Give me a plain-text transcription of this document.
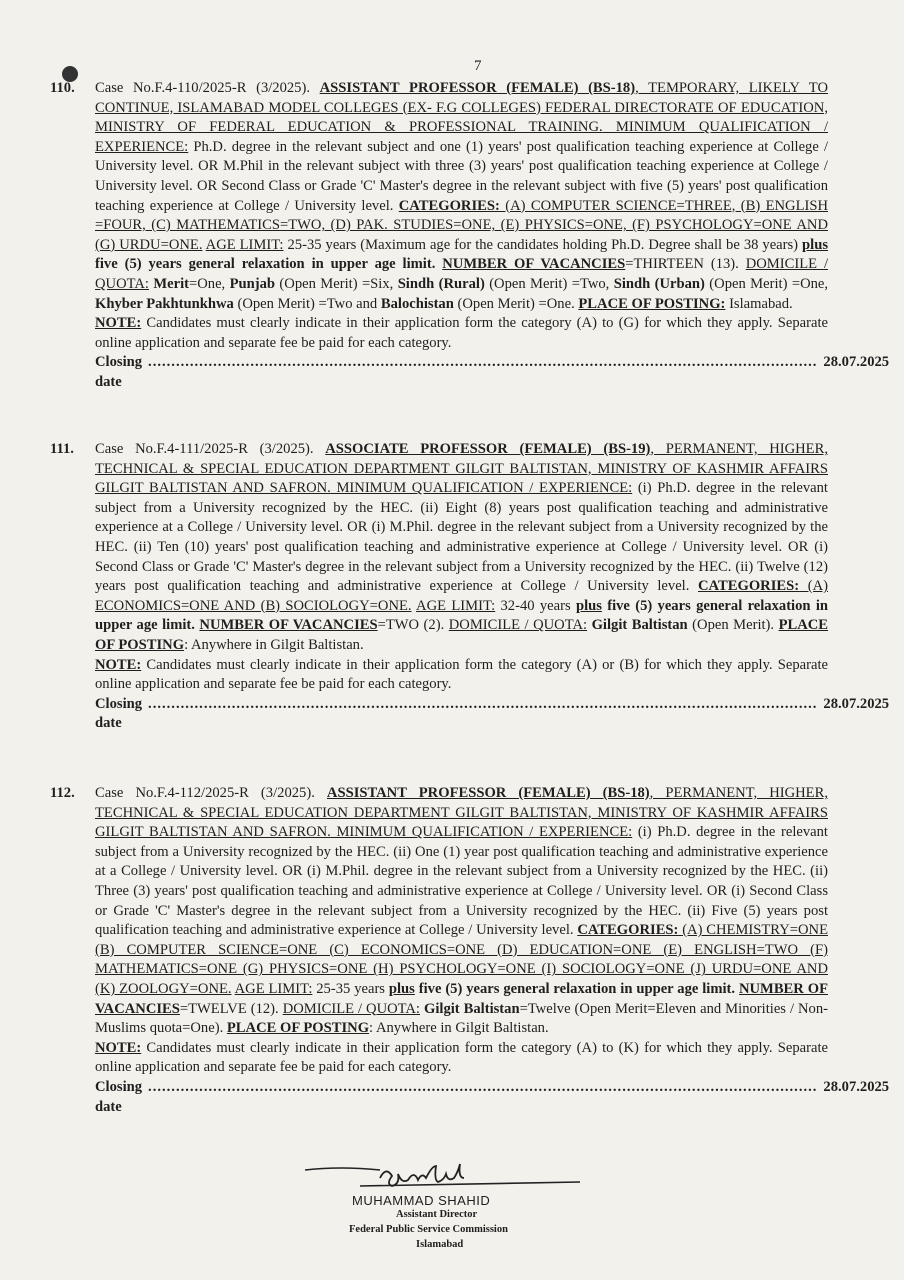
7
110. Case No.F.4-110/2025-R (3/2025). ASSISTANT PROFESSOR (FEMALE) (BS-18), TEMPORARY, LIKELY TO CONTINUE, ISLAMABAD MODEL COLLEGES (EX- F.G COLLEGES) FEDERAL DIRECTORATE OF EDUCATION, MINISTRY OF FEDERAL EDUCATION & PROFESSIONAL TRAINING. MINIMUM QUALIFICATION / EXPERIENCE: Ph.D. degree in the relevant subject and one (1) years' post qualification teaching experience at College / University level. OR M.Phil in the relevant subject with three (3) years' post qualification teaching experience at College / University level. OR Second Class or Grade 'C' Master's degree in the relevant subject with five (5) years' post qualification teaching experience at College / University level. CATEGORIES: (A) COMPUTER SCIENCE=THREE, (B) ENGLISH =FOUR, (C) MATHEMATICS=TWO, (D) PAK. STUDIES=ONE, (E) PHYSICS=ONE, (F) PSYCHOLOGY=ONE AND (G) URDU=ONE. AGE LIMIT: 25-35 years (Maximum age for the candidates holding Ph.D. Degree shall be 38 years) plus five (5) years general relaxation in upper age limit. NUMBER OF VACANCIES=THIRTEEN (13). DOMICILE / QUOTA: Merit=One, Punjab (Open Merit) =Six, Sindh (Rural) (Open Merit) =Two, Sindh (Urban) (Open Merit) =One, Khyber Pakhtunkhwa (Open Merit) =Two and Balochistan (Open Merit) =One. PLACE OF POSTING: Islamabad.

NOTE: Candidates must clearly indicate in their application form the category (A) to (G) for which they apply. Separate online application and separate fee be paid for each category.

Closing date
................................................................................................................................................ 28.07.2025
111. Case No.F.4-111/2025-R (3/2025). ASSOCIATE PROFESSOR (FEMALE) (BS-19), PERMANENT, HIGHER, TECHNICAL & SPECIAL EDUCATION DEPARTMENT GILGIT BALTISTAN, MINISTRY OF KASHMIR AFFAIRS GILGIT BALTISTAN AND SAFRON. MINIMUM QUALIFICATION / EXPERIENCE: (i) Ph.D. degree in the relevant subject from a University recognized by the HEC. (ii) Eight (8) years post qualification teaching and administrative experience at a College / University level. OR (i) M.Phil. degree in the relevant subject from a University recognized by the HEC. (ii) Ten (10) years' post qualification teaching and administrative experience at College / University level. OR (i) Second Class or Grade 'C' Master's degree in the relevant subject from a University recognized by the HEC. (ii) Twelve (12) years post qualification teaching and administrative experience at College / University level. CATEGORIES: (A) ECONOMICS=ONE AND (B) SOCIOLOGY=ONE. AGE LIMIT: 32-40 years plus five (5) years general relaxation in upper age limit. NUMBER OF VACANCIES=TWO (2). DOMICILE / QUOTA: Gilgit Baltistan (Open Merit). PLACE OF POSTING: Anywhere in Gilgit Baltistan.

NOTE: Candidates must clearly indicate in their application form the category (A) or (B) for which they apply. Separate online application and separate fee be paid for each category.

Closing date
................................................................................................................................................ 28.07.2025
112. Case No.F.4-112/2025-R (3/2025). ASSISTANT PROFESSOR (FEMALE) (BS-18), PERMANENT, HIGHER, TECHNICAL & SPECIAL EDUCATION DEPARTMENT GILGIT BALTISTAN, MINISTRY OF KASHMIR AFFAIRS GILGIT BALTISTAN AND SAFRON. MINIMUM QUALIFICATION / EXPERIENCE: (i) Ph.D. degree in the relevant subject from a University recognized by the HEC. (ii) One (1) year post qualification teaching and administrative experience at a College / University level. OR (i) M.Phil. degree in the relevant subject from a University recognized by the HEC. (ii) Three (3) years' post qualification teaching and administrative experience at College / University level. OR (i) Second Class or Grade 'C' Master's degree in the relevant subject from a University recognized by the HEC. (ii) Five (5) years post qualification teaching and administrative experience at College / University level. CATEGORIES: (A) CHEMISTRY=ONE (B) COMPUTER SCIENCE=ONE (C) ECONOMICS=ONE (D) EDUCATION=ONE (E) ENGLISH=TWO (F) MATHEMATICS=ONE (G) PHYSICS=ONE (H) PSYCHOLOGY=ONE (I) SOCIOLOGY=ONE (J) URDU=ONE AND (K) ZOOLOGY=ONE. AGE LIMIT: 25-35 years plus five (5) years general relaxation in upper age limit. NUMBER OF VACANCIES=TWELVE (12). DOMICILE / QUOTA: Gilgit Baltistan=Twelve (Open Merit=Eleven and Minorities / Non-Muslims quota=One). PLACE OF POSTING: Anywhere in Gilgit Baltistan.

NOTE: Candidates must clearly indicate in their application form the category (A) to (K) for which they apply. Separate online application and separate fee be paid for each category.

Closing date
................................................................................................................................................ 28.07.2025
MUHAMMAD SHAHID
Assistant Director
Federal Public Service Commission
Islamabad
